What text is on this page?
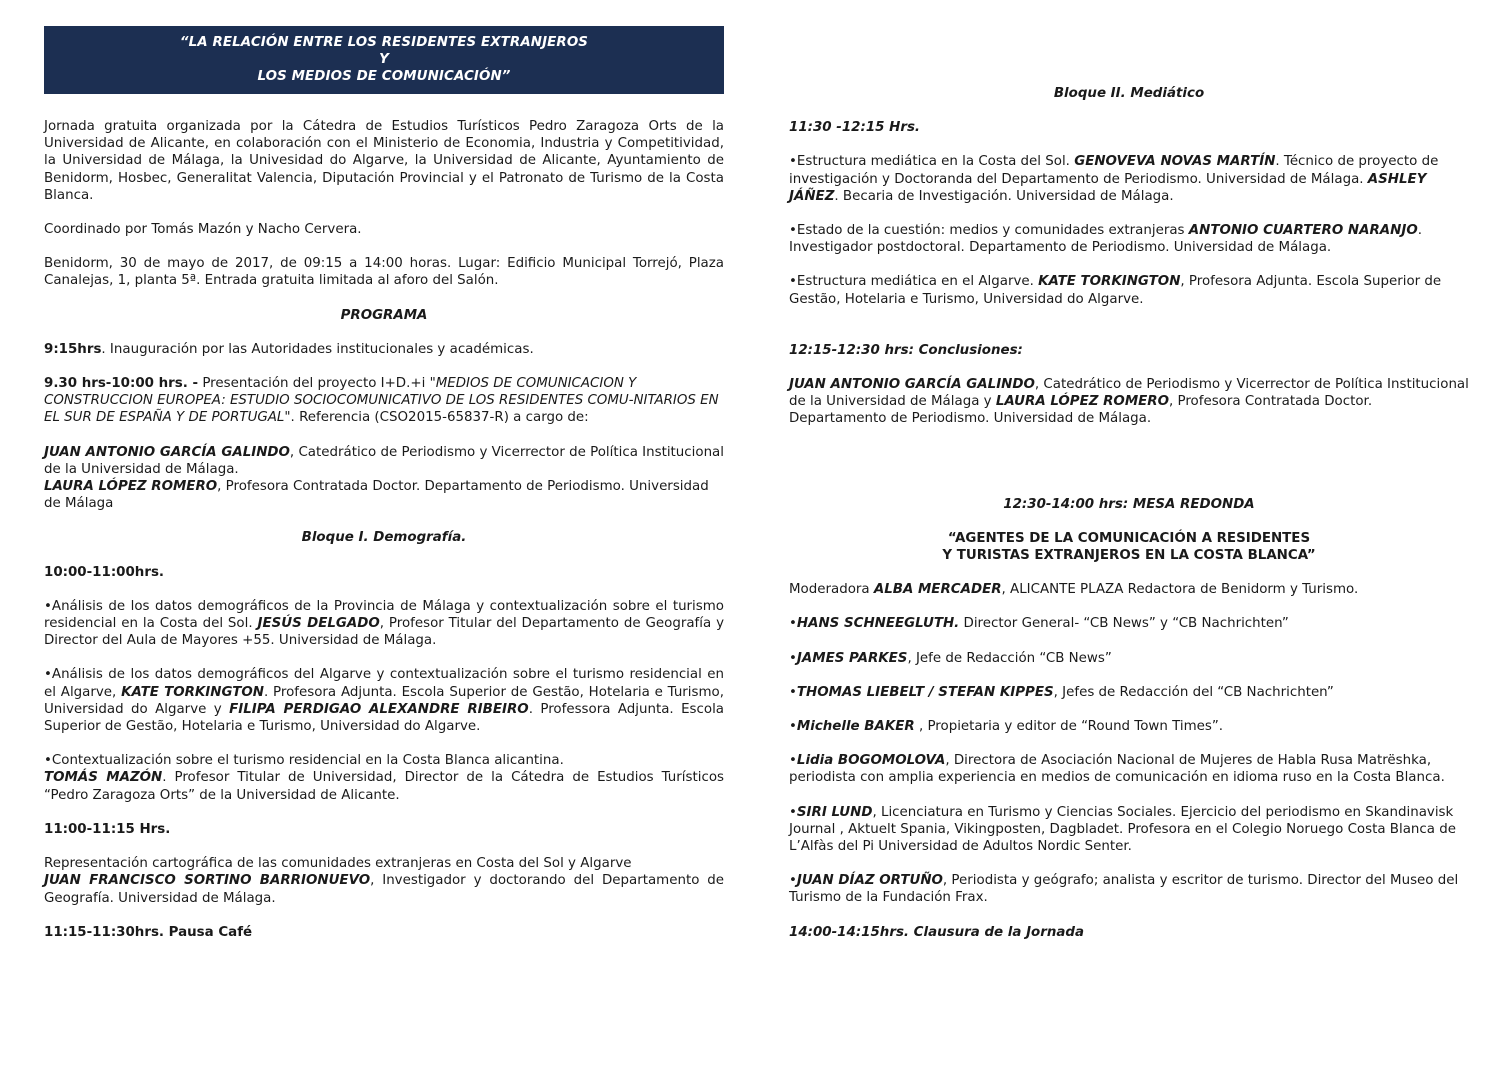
“LA RELACIÓN ENTRE LOS RESIDENTES EXTRANJEROS
Y
LOS MEDIOS DE COMUNICACIÓN”

Jornada gratuita organizada por la Cátedra de Estudios Turísticos Pedro Zaragoza Orts de la Universidad de Alicante, en colaboración con el Ministerio de Economia, Industria y Competitividad, la Universidad de Málaga, la Univesidad do Algarve, la Universidad de Alicante, Ayuntamiento de Benidorm, Hosbec, Generalitat Valencia, Diputación Provincial y el Patronato de Turismo de la Costa Blanca.

Coordinado por Tomás Mazón y Nacho Cervera.

Benidorm, 30 de mayo de 2017, de 09:15 a 14:00 horas. Lugar: Edificio Municipal Torrejó, Plaza Canalejas, 1, planta 5ª. Entrada gratuita limitada al aforo del Salón.

PROGRAMA

9:15hrs. Inauguración por las Autoridades institucionales y académicas.

9.30 hrs-10:00 hrs. - Presentación del proyecto I+D.+i "MEDIOS DE COMUNICACION Y CONSTRUCCION EUROPEA: ESTUDIO SOCIOCOMUNICATIVO DE LOS RESIDENTES COMU-NITARIOS EN EL SUR DE ESPAÑA Y DE PORTUGAL". Referencia (CSO2015-65837-R) a cargo de:

JUAN ANTONIO GARCÍA GALINDO, Catedrático de Periodismo y Vicerrector de Política Institucional de la Universidad de Málaga.

LAURA LÓPEZ ROMERO, Profesora Contratada Doctor. Departamento de Periodismo. Universidad de Málaga

Bloque I. Demografía.

10:00-11:00hrs.

•Análisis de los datos demográficos de la Provincia de Málaga y contextualización sobre el turismo residencial en la Costa del Sol. JESÚS DELGADO, Profesor Titular del Departamento de Geografía y Director del Aula de Mayores +55. Universidad de Málaga.

•Análisis de los datos demográficos del Algarve y contextualización sobre el turismo residencial en el Algarve, KATE TORKINGTON. Profesora Adjunta. Escola Superior de Gestão, Hotelaria e Turismo, Universidad do Algarve y FILIPA PERDIGAO ALEXANDRE RIBEIRO. Professora Adjunta. Escola Superior de Gestão, Hotelaria e Turismo, Universidad do Algarve.

•Contextualización sobre el turismo residencial en la Costa Blanca alicantina.
TOMÁS MAZÓN. Profesor Titular de Universidad, Director de la Cátedra de Estudios Turísticos “Pedro Zaragoza Orts” de la Universidad de Alicante.

11:00-11:15 Hrs.

Representación cartográfica de las comunidades extranjeras en Costa del Sol y Algarve
JUAN FRANCISCO SORTINO BARRIONUEVO, Investigador y doctorando del Departamento de Geografía. Universidad de Málaga.

11:15-11:30hrs. Pausa Café

Bloque II. Mediático

11:30 -12:15 Hrs.

•Estructura mediática en la Costa del Sol. GENOVEVA NOVAS MARTÍN. Técnico de proyecto de investigación y Doctoranda del Departamento de Periodismo. Universidad de Málaga. ASHLEY JÁÑEZ. Becaria de Investigación. Universidad de Málaga.

•Estado de la cuestión: medios y comunidades extranjeras ANTONIO CUARTERO NARANJO. Investigador postdoctoral. Departamento de Periodismo. Universidad de Málaga.

•Estructura mediática en el Algarve. KATE TORKINGTON, Profesora Adjunta. Escola Superior de Gestão, Hotelaria e Turismo, Universidad do Algarve.

12:15-12:30 hrs: Conclusiones:

JUAN ANTONIO GARCÍA GALINDO, Catedrático de Periodismo y Vicerrector de Política Institucional de la Universidad de Málaga y LAURA LÓPEZ ROMERO, Profesora Contratada Doctor. Departamento de Periodismo. Universidad de Málaga.

12:30-14:00 hrs: MESA REDONDA

“AGENTES DE LA COMUNICACIÓN A RESIDENTES
Y TURISTAS EXTRANJEROS EN LA COSTA BLANCA”

Moderadora ALBA MERCADER, ALICANTE PLAZA Redactora de Benidorm y Turismo.

•HANS SCHNEEGLUTH. Director General- “CB News” y “CB Nachrichten”

•JAMES PARKES, Jefe de Redacción “CB News”

•THOMAS LIEBELT / STEFAN KIPPES, Jefes de Redacción del “CB Nachrichten”

•Michelle BAKER , Propietaria y editor de “Round Town Times”.

•Lidia BOGOMOLOVA, Directora de Asociación Nacional de Mujeres de Habla Rusa Matrëshka, periodista con amplia experiencia en medios de comunicación en idioma ruso en la Costa Blanca.

•SIRI LUND, Licenciatura en Turismo y Ciencias Sociales. Ejercicio del periodismo en Skandinavisk Journal , Aktuelt Spania, Vikingposten, Dagbladet. Profesora en el Colegio Noruego Costa Blanca de L’Alfàs del Pi Universidad de Adultos Nordic Senter.

•JUAN DÍAZ ORTUÑO, Periodista y geógrafo; analista y escritor de turismo. Director del Museo del Turismo de la Fundación Frax.

14:00-14:15hrs. Clausura de la Jornada
